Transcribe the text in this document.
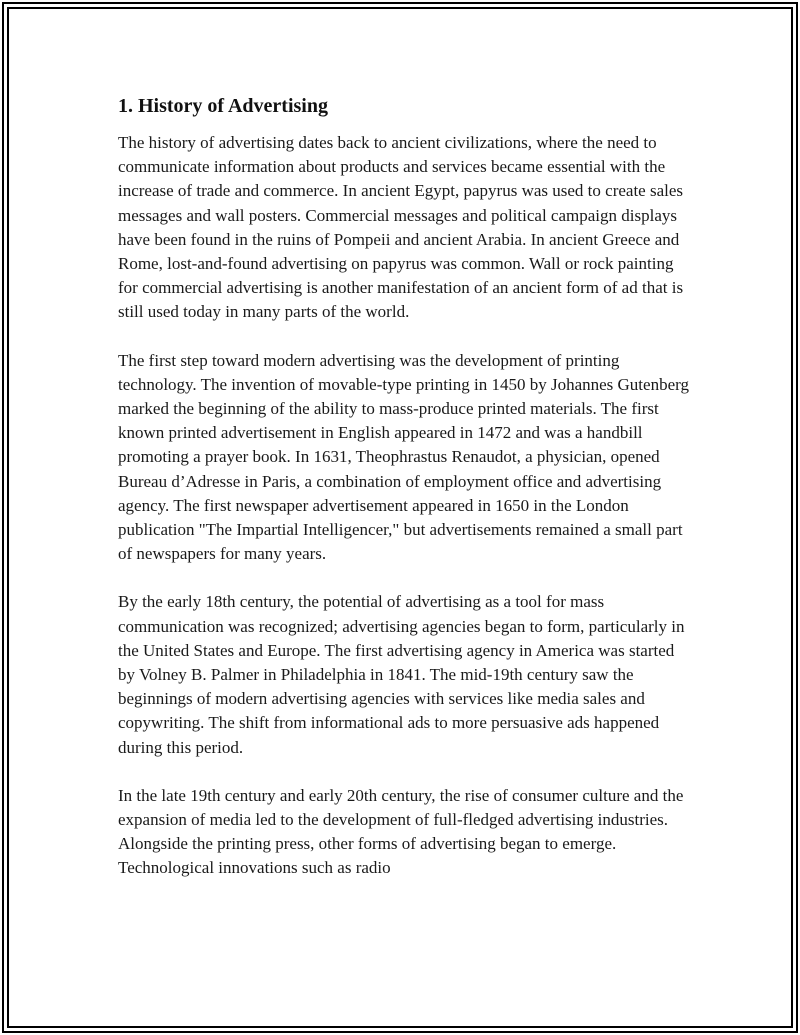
1. History of Advertising

The history of advertising dates back to ancient civilizations, where the need to communicate information about products and services became essential with the increase of trade and commerce. In ancient Egypt, papyrus was used to create sales messages and wall posters. Commercial messages and political campaign displays have been found in the ruins of Pompeii and ancient Arabia. In ancient Greece and Rome, lost-and-found advertising on papyrus was common. Wall or rock painting for commercial advertising is another manifestation of an ancient form of ad that is still used today in many parts of the world.

The first step toward modern advertising was the development of printing technology. The invention of movable-type printing in 1450 by Johannes Gutenberg marked the beginning of the ability to mass-produce printed materials. The first known printed advertisement in English appeared in 1472 and was a handbill promoting a prayer book. In 1631, Theophrastus Renaudot, a physician, opened Bureau d’Adresse in Paris, a combination of employment office and advertising agency. The first newspaper advertisement appeared in 1650 in the London publication "The Impartial Intelligencer," but advertisements remained a small part of newspapers for many years.

By the early 18th century, the potential of advertising as a tool for mass communication was recognized; advertising agencies began to form, particularly in the United States and Europe. The first advertising agency in America was started by Volney B. Palmer in Philadelphia in 1841. The mid-19th century saw the beginnings of modern advertising agencies with services like media sales and copywriting. The shift from informational ads to more persuasive ads happened during this period.

In the late 19th century and early 20th century, the rise of consumer culture and the expansion of media led to the development of full-fledged advertising industries. Alongside the printing press, other forms of advertising began to emerge. Technological innovations such as radio
